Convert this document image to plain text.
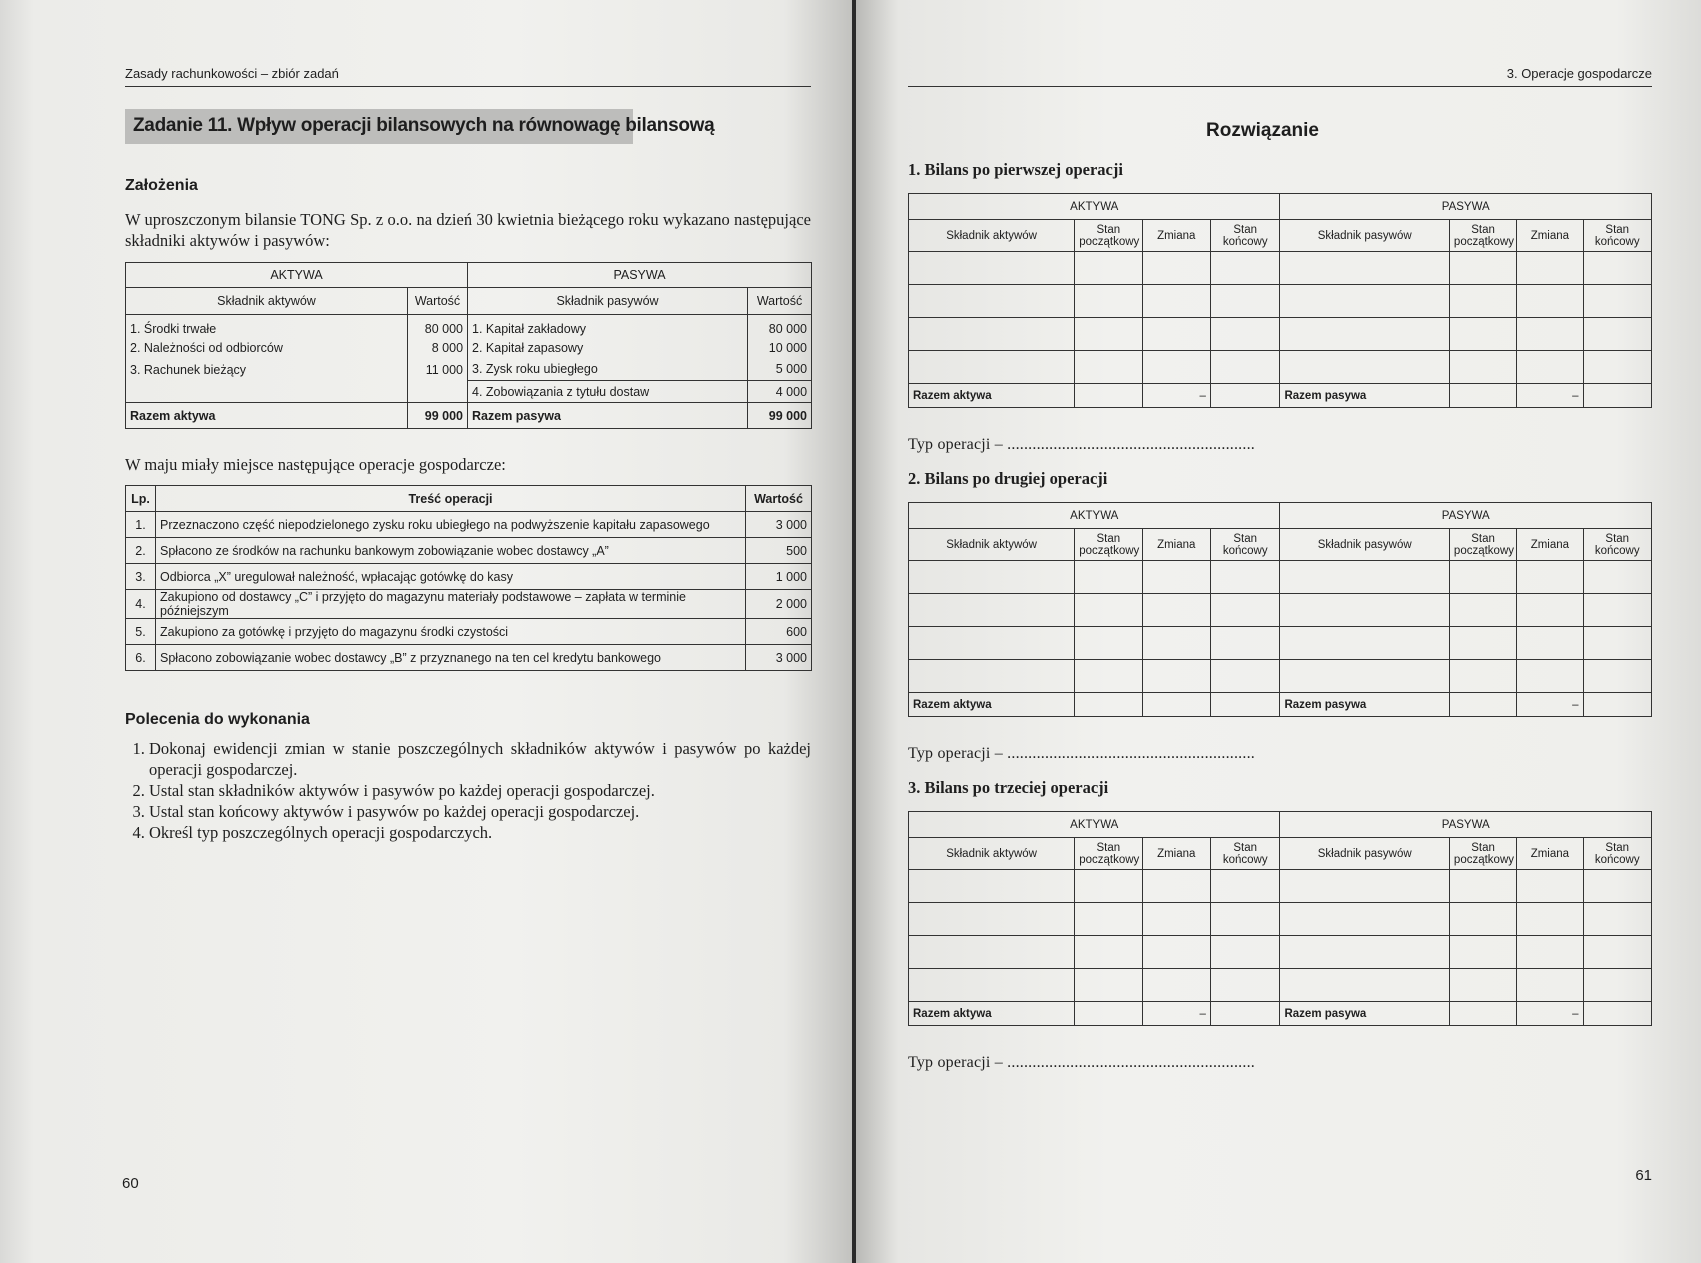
Zasady rachunkowości – zbiór zadań
Zadanie 11. Wpływ operacji bilansowych na równowagę bilansową
Założenia
W uproszczonym bilansie TONG Sp. z o.o. na dzień 30 kwietnia bieżącego roku wykazano następujące składniki aktywów i pasywów:
AKTYWA		PASYWA	
Składnik aktywów	Wartość	Składnik pasywów	Wartość
1. Środki trwałe	80 000	1. Kapitał zakładowy	80 000
2. Należności od odbiorców	8 000	2. Kapitał zapasowy	10 000
3. Rachunek bieżący	11 000	3. Zysk roku ubiegłego	5 000
		4. Zobowiązania z tytułu dostaw	4 000
Razem aktywa	99 000	Razem pasywa	99 000
W maju miały miejsce następujące operacje gospodarcze:
Lp.	Treść operacji	Wartość
1.	Przeznaczono część niepodzielonego zysku roku ubiegłego na podwyższenie kapitału zapasowego	3 000
2.	Spłacono ze środków na rachunku bankowym zobowiązanie wobec dostawcy „A”	500
3.	Odbiorca „X” uregulował należność, wpłacając gotówkę do kasy	1 000
4.	Zakupiono od dostawcy „C” i przyjęto do magazynu materiały podstawowe – zapłata w terminie późniejszym	2 000
5.	Zakupiono za gotówkę i przyjęto do magazynu środki czystości	600
6.	Spłacono zobowiązanie wobec dostawcy „B” z przyznanego na ten cel kredytu bankowego	3 000
Polecenia do wykonania
1. Dokonaj ewidencji zmian w stanie poszczególnych składników aktywów i pasywów po każdej operacji gospodarczej.
2. Ustal stan składników aktywów i pasywów po każdej operacji gospodarczej.
3. Ustal stan końcowy aktywów i pasywów po każdej operacji gospodarczej.
4. Określ typ poszczególnych operacji gospodarczych.
60
3. Operacje gospodarcze
Rozwiązanie
1. Bilans po pierwszej operacji
AKTYWA				PASYWA			
Składnik aktywów	Stan początkowy	Zmiana	Stan końcowy	Składnik pasywów	Stan początkowy	Zmiana	Stan końcowy

Razem aktywa		–		Razem pasywa		–	
Typ operacji – ...........................................................
2. Bilans po drugiej operacji
AKTYWA				PASYWA			
Składnik aktywów	Stan początkowy	Zmiana	Stan końcowy	Składnik pasywów	Stan początkowy	Zmiana	Stan końcowy

Razem aktywa				Razem pasywa		–	
Typ operacji – ...........................................................
3. Bilans po trzeciej operacji
AKTYWA				PASYWA			
Składnik aktywów	Stan początkowy	Zmiana	Stan końcowy	Składnik pasywów	Stan początkowy	Zmiana	Stan końcowy

Razem aktywa		–		Razem pasywa		–	
Typ operacji – ...........................................................
61
